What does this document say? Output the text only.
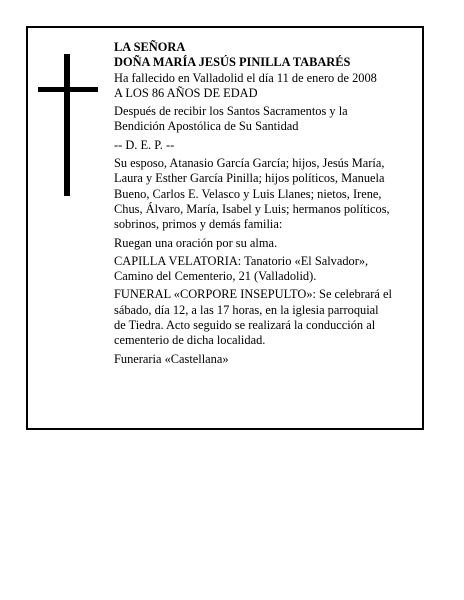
LA SEÑORA

DOÑA MARÍA JESÚS PINILLA TABARÉS

Ha fallecido en Valladolid el día 11 de enero de 2008

A LOS 86 AÑOS DE EDAD

Después de recibir los Santos Sacramentos y la
Bendición Apostólica de Su Santidad

-- D. E. P. --

Su esposo, Atanasio García García; hijos, Jesús María,
Laura y Esther García Pinilla; hijos políticos, Manuela
Bueno, Carlos E. Velasco y Luis Llanes; nietos, Irene,
Chus, Álvaro, María, Isabel y Luis; hermanos políticos,
sobrinos, primos y demás familia:

Ruegan una oración por su alma.

CAPILLA VELATORIA: Tanatorio «El Salvador»,
Camino del Cementerio, 21 (Valladolid).

FUNERAL «CORPORE INSEPULTO»: Se celebrará el
sábado, día 12, a las 17 horas, en la iglesia parroquial
de Tiedra. Acto seguido se realizará la conducción al
cementerio de dicha localidad.

Funeraria «Castellana»
